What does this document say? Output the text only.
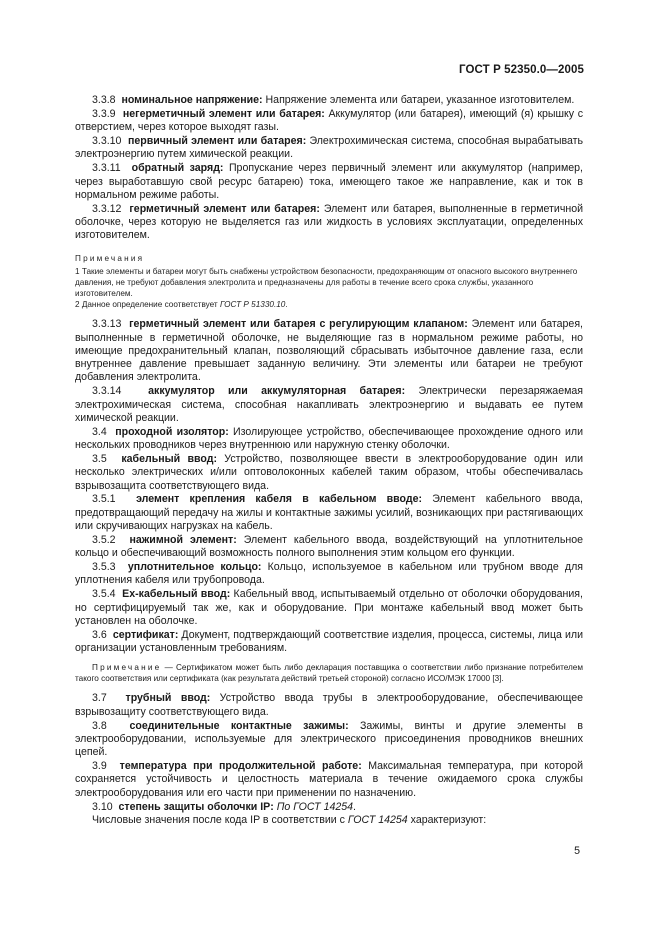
ГОСТ Р 52350.0—2005

3.3.8 номинальное напряжение: Напряжение элемента или батареи, указанное изготовителем.

3.3.9 негерметичный элемент или батарея: Аккумулятор (или батарея), имеющий (я) крышку с отверстием, через которое выходят газы.

3.3.10 первичный элемент или батарея: Электрохимическая система, способная вырабатывать электроэнергию путем химической реакции.

3.3.11 обратный заряд: Пропускание через первичный элемент или аккумулятор (например, через выработавшую свой ресурс батарею) тока, имеющего такое же направление, как и ток в нормальном режиме работы.

3.3.12 герметичный элемент или батарея: Элемент или батарея, выполненные в герметичной оболочке, через которую не выделяется газ или жидкость в условиях эксплуатации, определенных изготовителем.

Примечания

1 Такие элементы и батареи могут быть снабжены устройством безопасности, предохраняющим от опасного высокого внутреннего давления, не требуют добавления электролита и предназначены для работы в течение всего срока службы, указанного изготовителем.

2 Данное определение соответствует ГОСТ Р 51330.10.

3.3.13 герметичный элемент или батарея с регулирующим клапаном: Элемент или батарея, выполненные в герметичной оболочке, не выделяющие газ в нормальном режиме работы, но имеющие предохранительный клапан, позволяющий сбрасывать избыточное давление газа, если внутреннее давление превышает заданную величину. Эти элементы или батареи не требуют добавления электролита.

3.3.14	аккумулятор или аккумуляторная батарея: Электрически перезаряжаемая электрохимическая система, способная накапливать электроэнергию и выдавать ее путем химической реакции.

3.4 проходной изолятор: Изолирующее устройство, обеспечивающее прохождение одного или нескольких проводников через внутреннюю или наружную стенку оболочки.

3.5 кабельный ввод: Устройство, позволяющее ввести в электрооборудование один или несколько электрических и/или оптоволоконных кабелей таким образом, чтобы обеспечивалась взрывозащита соответствующего вида.

3.5.1 элемент крепления кабеля в кабельном вводе: Элемент кабельного ввода, предотвращающий передачу на жилы и контактные зажимы усилий, возникающих при растягивающих или скручивающих нагрузках на кабель.

3.5.2 нажимной элемент: Элемент кабельного ввода, воздействующий на уплотнительное кольцо и обеспечивающий возможность полного выполнения этим кольцом его функции.

3.5.3 уплотнительное кольцо: Кольцо, используемое в кабельном или трубном вводе для уплотнения кабеля или трубопровода.

3.5.4 Ex-кабельный ввод: Кабельный ввод, испытываемый отдельно от оболочки оборудования, но сертифицируемый так же, как и оборудование. При монтаже кабельный ввод может быть установлен на оболочке.

3.6 сертификат: Документ, подтверждающий соответствие изделия, процесса, системы, лица или организации установленным требованиям.

Примечание — Сертификатом может быть либо декларация поставщика о соответствии либо признание потребителем такого соответствия или сертификата (как результата действий третьей стороной) согласно ИСО/МЭК 17000 [3].

3.7 трубный ввод: Устройство ввода трубы в электрооборудование, обеспечивающее взрывозащиту соответствующего вида.

3.8 соединительные контактные зажимы: Зажимы, винты и другие элементы в электрооборудовании, используемые для электрического присоединения проводников внешних цепей.

3.9 температура при продолжительной работе: Максимальная температура, при которой сохраняется устойчивость и целостность материала в течение ожидаемого срока службы электрооборудования или его части при применении по назначению.

3.10 степень защиты оболочки IP: По ГОСТ 14254.

Числовые значения после кода IP в соответствии с ГОСТ 14254 характеризуют:

5
